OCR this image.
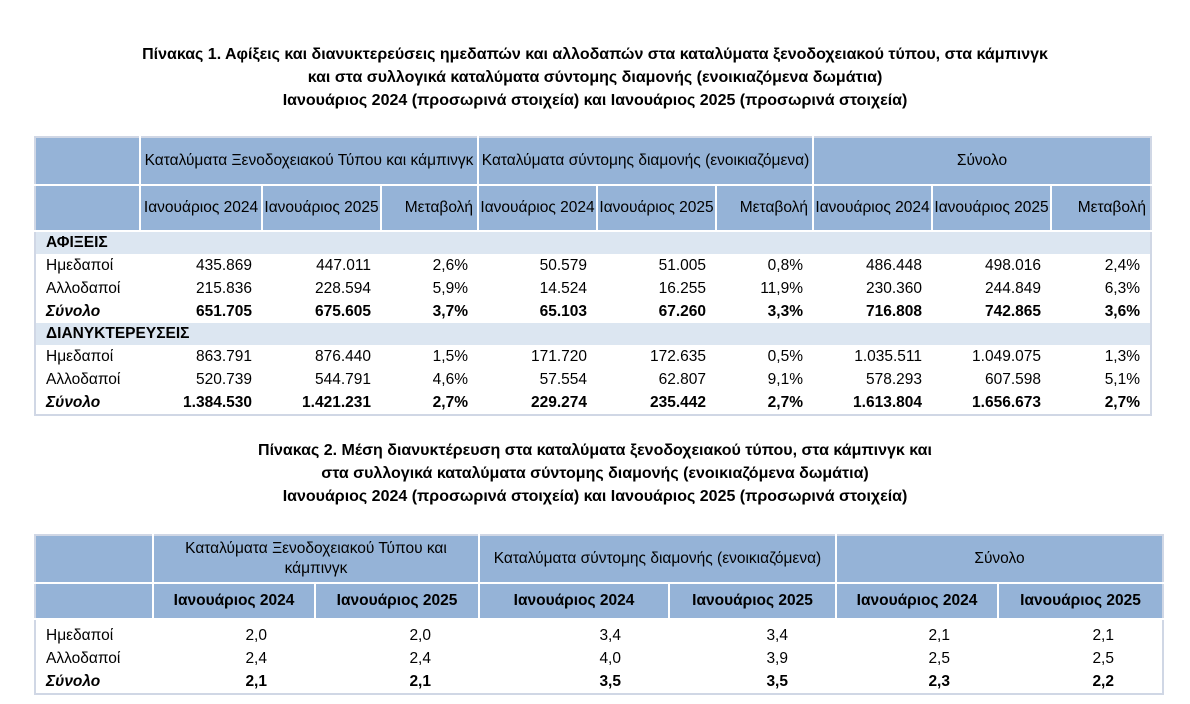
Πίνακας 1. Αφίξεις και διανυκτερεύσεις ημεδαπών και αλλοδαπών στα καταλύματα ξενοδοχειακού τύπου, στα κάμπινγκ
και στα συλλογικά καταλύματα σύντομης διαμονής (ενοικιαζόμενα δωμάτια)
Ιανουάριος 2024 (προσωρινά στοιχεία) και Ιανουάριος 2025 (προσωρινά στοιχεία)
	Καταλύματα Ξενοδοχειακού Τύπου και κάμπινγκ			Καταλύματα σύντομης διαμονής (ενοικιαζόμενα)			Σύνολο		
	Ιανουάριος 2024	Ιανουάριος 2025	Μεταβολή	Ιανουάριος 2024	Ιανουάριος 2025	Μεταβολή	Ιανουάριος 2024	Ιανουάριος 2025	Μεταβολή
ΑΦΙΞΕΙΣ									
Ημεδαποί	435.869	447.011	2,6%	50.579	51.005	0,8%	486.448	498.016	2,4%
Αλλοδαποί	215.836	228.594	5,9%	14.524	16.255	11,9%	230.360	244.849	6,3%
Σύνολο	651.705	675.605	3,7%	65.103	67.260	3,3%	716.808	742.865	3,6%
ΔΙΑΝΥΚΤΕΡΕΥΣΕΙΣ									
Ημεδαποί	863.791	876.440	1,5%	171.720	172.635	0,5%	1.035.511	1.049.075	1,3%
Αλλοδαποί	520.739	544.791	4,6%	57.554	62.807	9,1%	578.293	607.598	5,1%
Σύνολο	1.384.530	1.421.231	2,7%	229.274	235.442	2,7%	1.613.804	1.656.673	2,7%
Πίνακας 2. Μέση διανυκτέρευση στα καταλύματα ξενοδοχειακού τύπου, στα κάμπινγκ και
στα συλλογικά καταλύματα σύντομης διαμονής (ενοικιαζόμενα δωμάτια)
Ιανουάριος 2024 (προσωρινά στοιχεία) και Ιανουάριος 2025 (προσωρινά στοιχεία)
	Καταλύματα Ξενοδοχειακού Τύπου και κάμπινγκ		Καταλύματα σύντομης διαμονής (ενοικιαζόμενα)		Σύνολο	
	Ιανουάριος 2024	Ιανουάριος 2025	Ιανουάριος 2024	Ιανουάριος 2025	Ιανουάριος 2024	Ιανουάριος 2025
Ημεδαποί	2,0	2,0	3,4	3,4	2,1	2,1
Αλλοδαποί	2,4	2,4	4,0	3,9	2,5	2,5
Σύνολο	2,1	2,1	3,5	3,5	2,3	2,2
